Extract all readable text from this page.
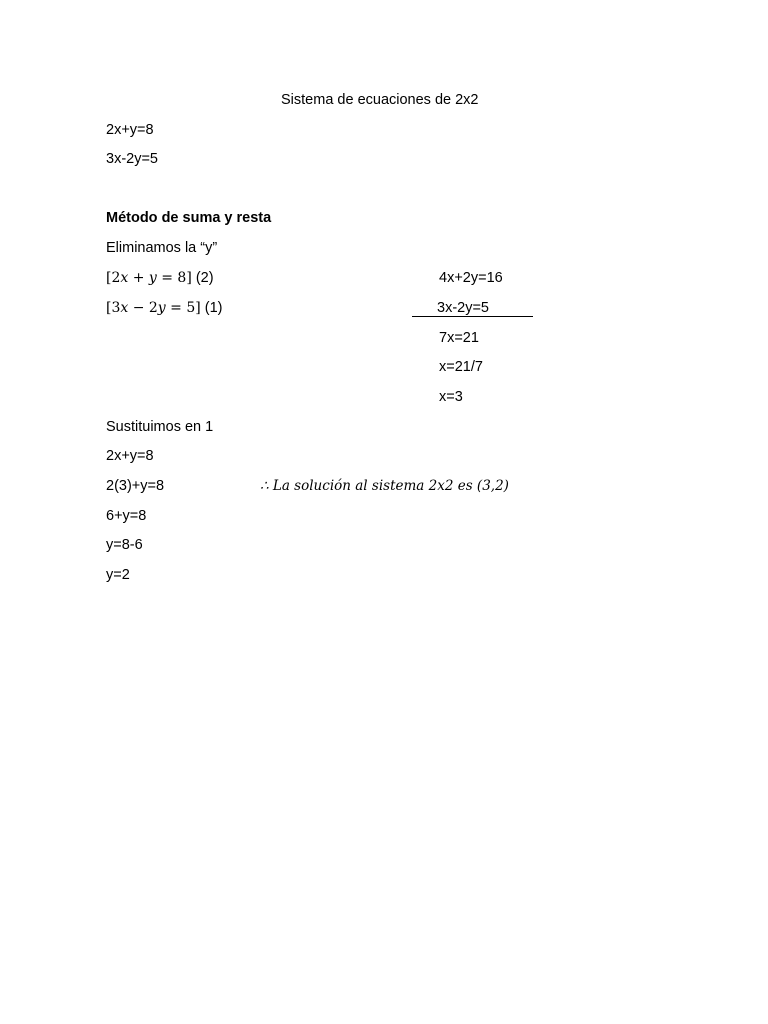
Sistema de ecuaciones de 2x2
2x+y=8
3x-2y=5
Método de suma y resta
Eliminamos la “y”
[2𝑥 + 𝑦 = 8] (2)
[3𝑥 − 2𝑦 = 5] (1)
4x+2y=16
3x-2y=5
7x=21
x=21/7
x=3
Sustituimos en 1
2x+y=8
2(3)+y=8
6+y=8
y=8-6
y=2
∴ 𝐿𝑎 𝑠𝑜𝑙𝑢𝑐𝑖ó𝑛 𝑎𝑙 𝑠𝑖𝑠𝑡𝑒𝑚𝑎 2𝑥2 𝑒𝑠 (3,2)
